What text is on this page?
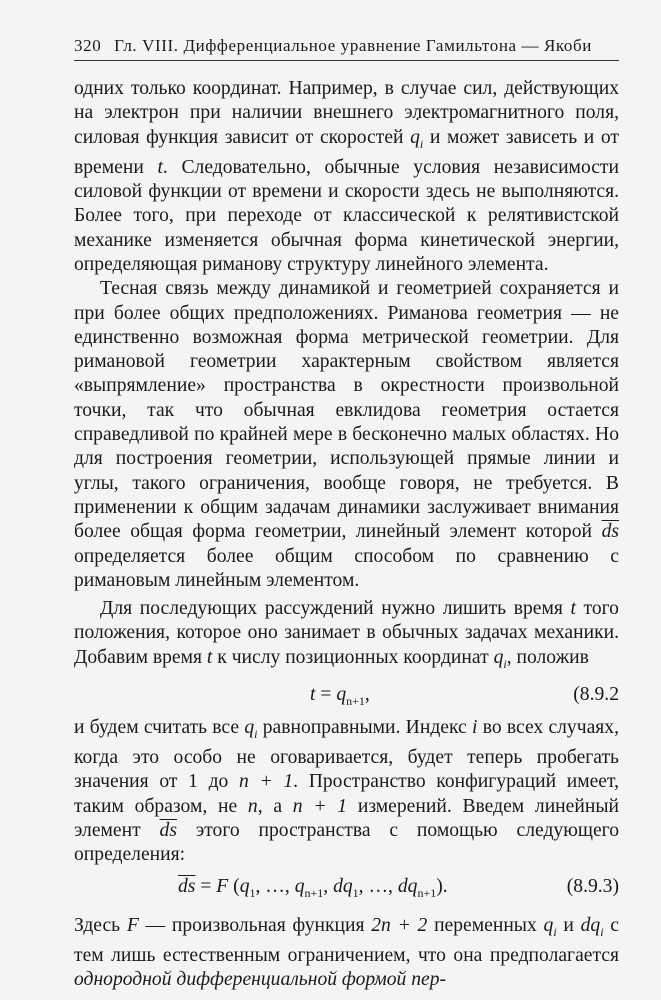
320 Гл. VIII. Дифференциальное уравнение Гамильтона — Якоби

одних только координат. Например, в случае сил, действующих на электрон при наличии внешнего электромагнитного поля, силовая функция зависит от скоростей ˙ $q_i$ и может зависеть и от времени t. Следовательно, обычные условия независимости силовой функции от времени и скорости здесь не выполняются. Более того, при переходе от классической к релятивистской механике изменяется обычная форма кинетической энергии, определяющая риманову структуру линейного элемента.

Тесная связь между динамикой и геометрией сохраняется и при более общих предположениях. Риманова геометрия — не единственно возможная форма метрической геометрии. Для римановой геометрии характерным свойством является «выпрямление» пространства в окрестности произвольной точки, так что обычная евклидова геометрия остается справедливой по крайней мере в бесконечно малых областях. Но для построения геометрии, использующей прямые линии и углы, такого ограничения, вообще говоря, не требуется. В применении к общим задачам динамики заслуживает внимания более общая форма геометрии, линейный элемент которой $\overline{ds}$ определяется более общим способом по сравнению с римановым линейным элементом.

Для последующих рассуждений нужно лишить время t того положения, которое оно занимает в обычных задачах механики. Добавим время t к числу позиционных координат $q_i$, положив

$t = q_{n+1}$,	(8.9.2

и будем считать все $q_i$ равноправными. Индекс i во всех случаях, когда это особо не оговаривается, будет теперь пробегать значения от 1 до n + 1. Пространство конфигураций имеет, таким образом, не n, а n + 1 измерений. Введем линейный элемент $\overline{ds}$ этого пространства с помощью следующего определения:

$\overline{ds} = F$ ($q_1$, …, $q_{n+1}$, $dq_1$, …, $dq_{n+1}$).	(8.9.3)

Здесь F — произвольная функция 2n + 2 переменных $q_i$ и $dq_i$ с тем лишь естественным ограничением, что она предполагается однородной дифференциальной формой пер-
